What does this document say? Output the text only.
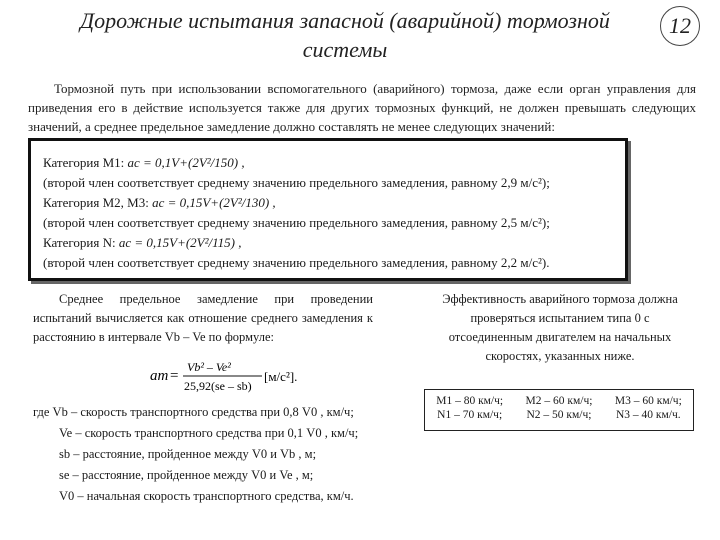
Дорожные испытания запасной (аварийной) тормозной системы
12
Тормозной путь при использовании вспомогательного (аварийного) тормоза, даже если орган управления для приведения его в действие используется также для других тормозных функций, не должен превышать следующих значений, а среднее предельное замедление должно составлять не менее следующих значений:
Категория M1: aс = 0,1V+(2V²/150) ,
(второй член соответствует среднему значению предельного замедления, равному 2,9 м/с²);
Категория M2, M3: aс = 0,15V+(2V²/130) ,
(второй член соответствует среднему значению предельного замедления, равному 2,5 м/с²);
Категория N: aс = 0,15V+(2V²/115) ,
(второй член соответствует среднему значению предельного замедления, равному 2,2 м/с²).
Среднее предельное замедление при проведении испытаний вычисляется как отношение среднего замедления к расстоянию в интервале Vb – Ve по формуле:
Эффективность аварийного тормоза должна проверяться испытанием типа 0 с отсоединенным двигателем на начальных скоростях, указанных ниже.
aт =
Vb² – Ve²
25,92(se – sb)
[м/с²].
где Vb – скорость транспортного средства при 0,8 V0 , км/ч;
Ve – скорость транспортного средства при 0,1 V0 , км/ч;
sb – расстояние, пройденное между V0 и Vb , м;
se – расстояние, пройденное между V0 и Ve , м;
V0 – начальная скорость транспортного средства, км/ч.
M1 – 80 км/ч;	M2 – 60 км/ч;	M3 – 60 км/ч;
N1 – 70 км/ч;	N2 – 50 км/ч;	N3 – 40 км/ч.
